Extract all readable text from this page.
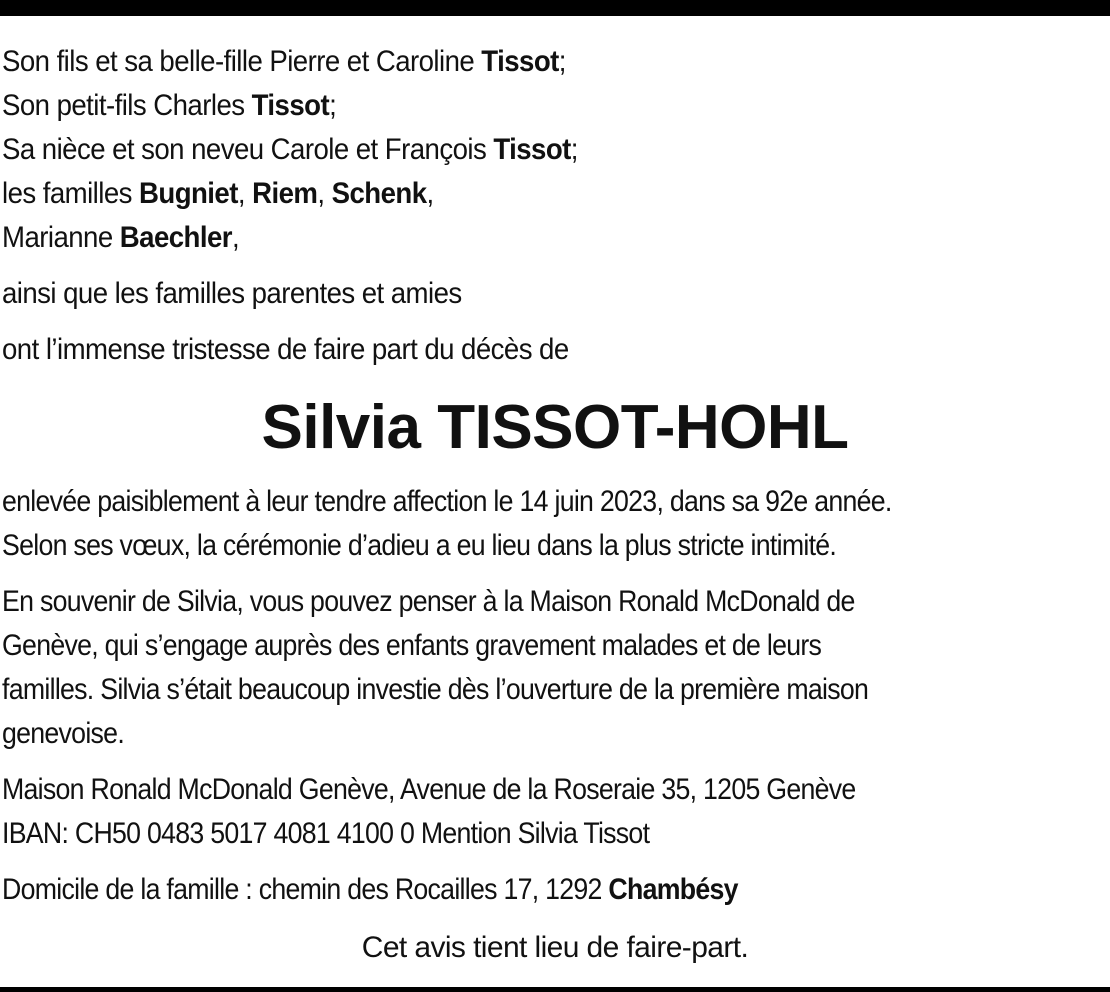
Son fils et sa belle-fille Pierre et Caroline Tissot;
Son petit-fils Charles Tissot;
Sa nièce et son neveu Carole et François Tissot;
les familles Bugniet, Riem, Schenk,
Marianne Baechler,
ainsi que les familles parentes et amies
ont l’immense tristesse de faire part du décès de
Silvia TISSOT-HOHL
enlevée paisiblement à leur tendre affection le 14 juin 2023, dans sa 92e année.
Selon ses vœux, la cérémonie d’adieu a eu lieu dans la plus stricte intimité.
En souvenir de Silvia, vous pouvez penser à la Maison Ronald McDonald de
Genève, qui s’engage auprès des enfants gravement malades et de leurs
familles. Silvia s’était beaucoup investie dès l’ouverture de la première maison
genevoise.
Maison Ronald McDonald Genève, Avenue de la Roseraie 35, 1205 Genève
IBAN: CH50 0483 5017 4081 4100 0 Mention Silvia Tissot
Domicile de la famille : chemin des Rocailles 17, 1292 Chambésy
Cet avis tient lieu de faire-part.
